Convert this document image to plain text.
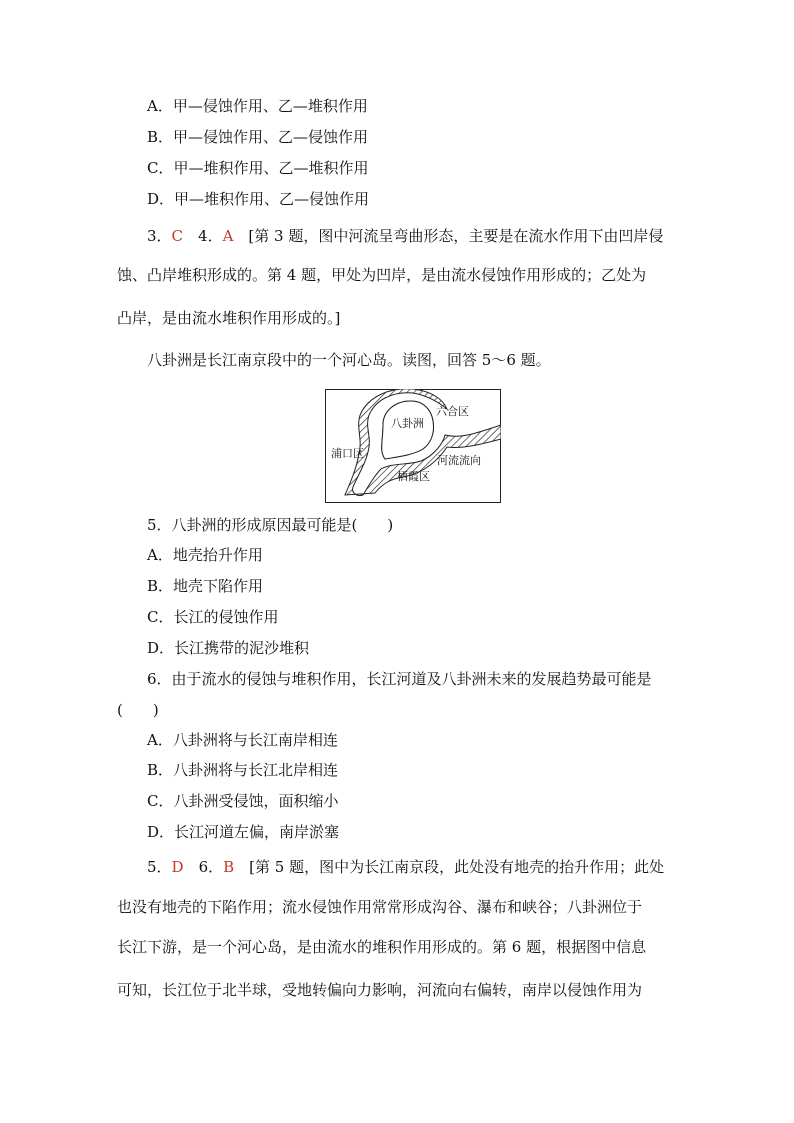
A．甲—侵蚀作用、乙—堆积作用
B．甲—侵蚀作用、乙—侵蚀作用
C．甲—堆积作用、乙—堆积作用
D．甲—堆积作用、乙—侵蚀作用
3．C　4．A　[第 3 题，图中河流呈弯曲形态，主要是在流水作用下由凹岸侵
蚀、凸岸堆积形成的。第 4 题，甲处为凹岸，是由流水侵蚀作用形成的；乙处为
凸岸，是由流水堆积作用形成的。]
八卦洲是长江南京段中的一个河心岛。读图，回答 5～6 题。
八卦洲
六合区
浦口区
河流流向
栖霞区
5．八卦洲的形成原因最可能是(　　)
A．地壳抬升作用
B．地壳下陷作用
C．长江的侵蚀作用
D．长江携带的泥沙堆积
6．由于流水的侵蚀与堆积作用，长江河道及八卦洲未来的发展趋势最可能是
(　　)
A．八卦洲将与长江南岸相连
B．八卦洲将与长江北岸相连
C．八卦洲受侵蚀，面积缩小
D．长江河道左偏，南岸淤塞
5．D　6．B　[第 5 题，图中为长江南京段，此处没有地壳的抬升作用；此处
也没有地壳的下陷作用；流水侵蚀作用常常形成沟谷、瀑布和峡谷；八卦洲位于
长江下游，是一个河心岛，是由流水的堆积作用形成的。第 6 题，根据图中信息
可知，长江位于北半球，受地转偏向力影响，河流向右偏转，南岸以侵蚀作用为
